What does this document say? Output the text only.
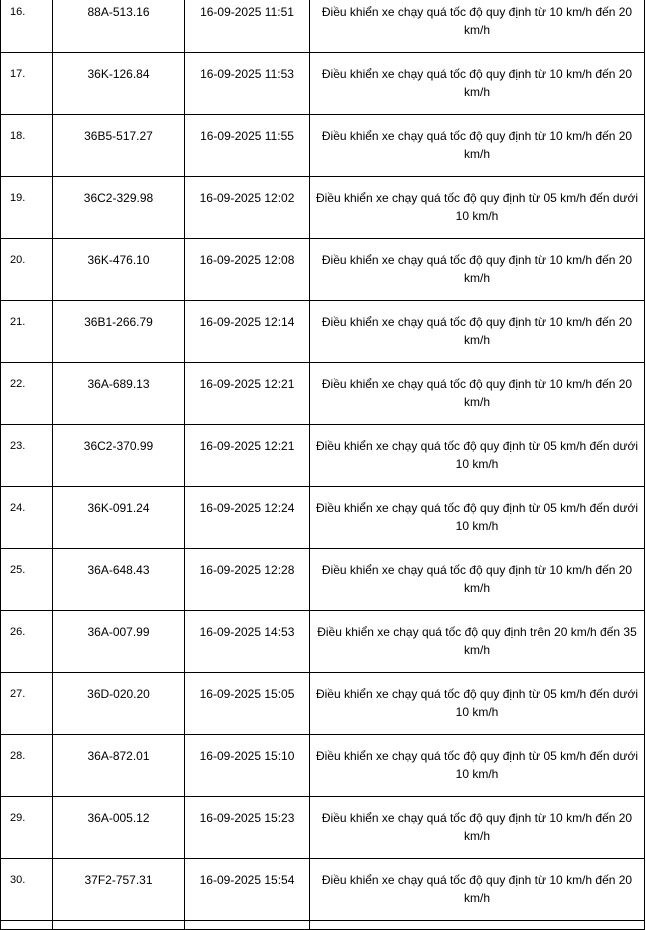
16.	88A-513.16	16-09-2025 11:51	Điều khiển xe chạy quá tốc độ quy định từ 10 km/h đến 20 km/h
17.	36K-126.84	16-09-2025 11:53	Điều khiển xe chạy quá tốc độ quy định từ 10 km/h đến 20 km/h
18.	36B5-517.27	16-09-2025 11:55	Điều khiển xe chạy quá tốc độ quy định từ 10 km/h đến 20 km/h
19.	36C2-329.98	16-09-2025 12:02	Điều khiển xe chạy quá tốc độ quy định từ 05 km/h đến dưới 10 km/h
20.	36K-476.10	16-09-2025 12:08	Điều khiển xe chạy quá tốc độ quy định từ 10 km/h đến 20 km/h
21.	36B1-266.79	16-09-2025 12:14	Điều khiển xe chạy quá tốc độ quy định từ 10 km/h đến 20 km/h
22.	36A-689.13	16-09-2025 12:21	Điều khiển xe chạy quá tốc độ quy định từ 10 km/h đến 20 km/h
23.	36C2-370.99	16-09-2025 12:21	Điều khiển xe chạy quá tốc độ quy định từ 05 km/h đến dưới 10 km/h
24.	36K-091.24	16-09-2025 12:24	Điều khiển xe chạy quá tốc độ quy định từ 05 km/h đến dưới 10 km/h
25.	36A-648.43	16-09-2025 12:28	Điều khiển xe chạy quá tốc độ quy định từ 10 km/h đến 20 km/h
26.	36A-007.99	16-09-2025 14:53	Điều khiển xe chạy quá tốc độ quy định trên 20 km/h đến 35 km/h
27.	36D-020.20	16-09-2025 15:05	Điều khiển xe chạy quá tốc độ quy định từ 05 km/h đến dưới 10 km/h
28.	36A-872.01	16-09-2025 15:10	Điều khiển xe chạy quá tốc độ quy định từ 05 km/h đến dưới 10 km/h
29.	36A-005.12	16-09-2025 15:23	Điều khiển xe chạy quá tốc độ quy định từ 10 km/h đến 20 km/h
30.	37F2-757.31	16-09-2025 15:54	Điều khiển xe chạy quá tốc độ quy định từ 10 km/h đến 20 km/h
